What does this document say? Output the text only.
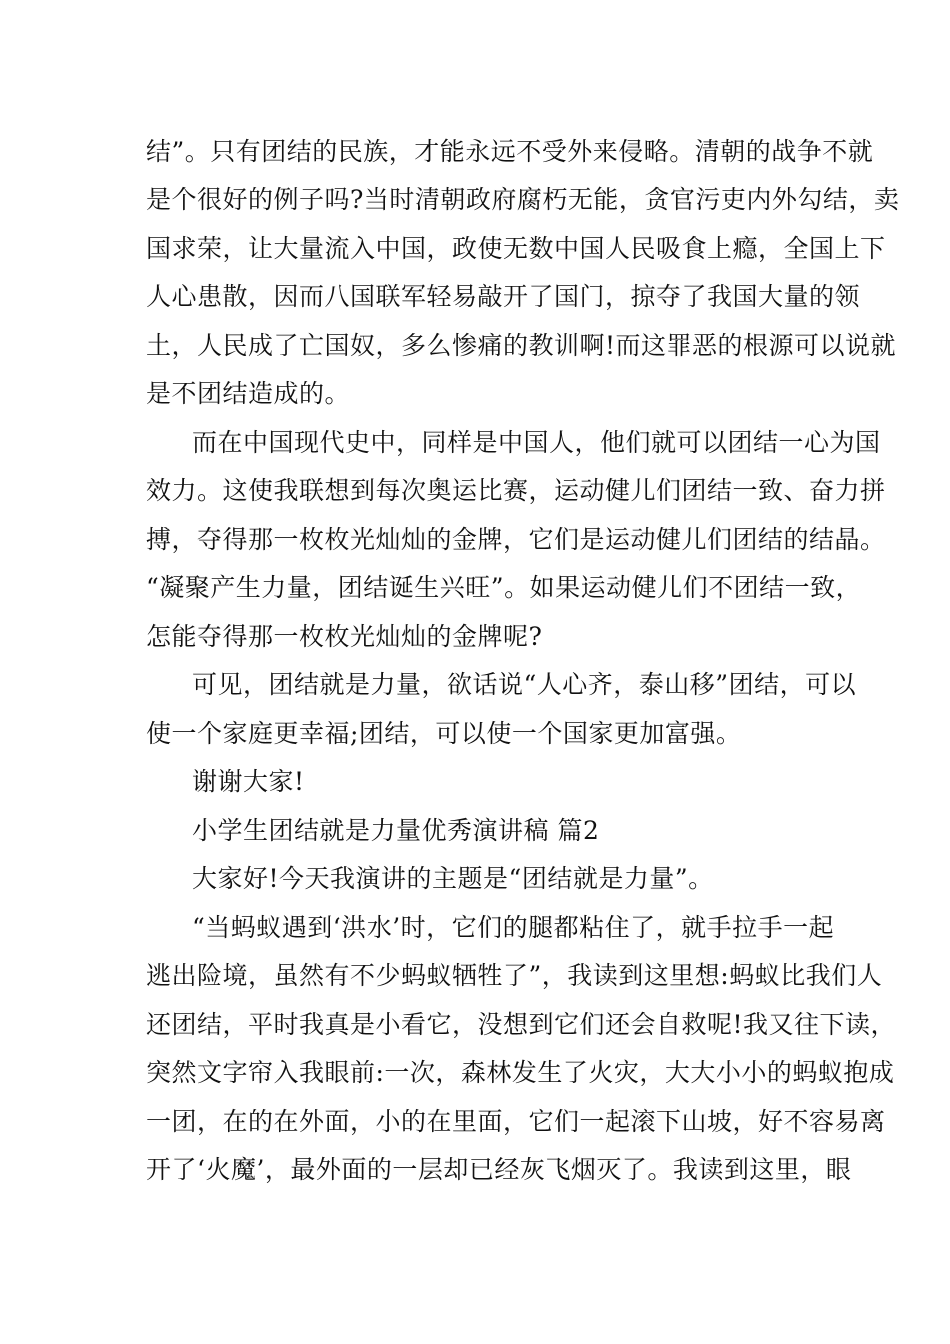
结”。只有团结的民族，才能永远不受外来侵略。清朝的战争不就
是个很好的例子吗?当时清朝政府腐朽无能，贪官污吏内外勾结，卖
国求荣，让大量流入中国，政使无数中国人民吸食上瘾，全国上下
人心患散，因而八国联军轻易敲开了国门，掠夺了我国大量的领
土，人民成了亡国奴，多么惨痛的教训啊!而这罪恶的根源可以说就
是不团结造成的。
而在中国现代史中，同样是中国人，他们就可以团结一心为国
效力。这使我联想到每次奥运比赛，运动健儿们团结一致、奋力拼
搏，夺得那一枚枚光灿灿的金牌，它们是运动健儿们团结的结晶。
“凝聚产生力量，团结诞生兴旺”。如果运动健儿们不团结一致，
怎能夺得那一枚枚光灿灿的金牌呢?
可见，团结就是力量，欲话说“人心齐，泰山移”团结，可以
使一个家庭更幸福;团结，可以使一个国家更加富强。
谢谢大家!
小学生团结就是力量优秀演讲稿 篇2
大家好!今天我演讲的主题是“团结就是力量”。
“当蚂蚁遇到‘洪水’时，它们的腿都粘住了，就手拉手一起
逃出险境，虽然有不少蚂蚁牺牲了”，我读到这里想:蚂蚁比我们人
还团结，平时我真是小看它，没想到它们还会自救呢!我又往下读，
突然文字帘入我眼前:一次，森林发生了火灾，大大小小的蚂蚁抱成
一团，在的在外面，小的在里面，它们一起滚下山坡，好不容易离
开了‘火魔’，最外面的一层却已经灰飞烟灭了。我读到这里，眼
